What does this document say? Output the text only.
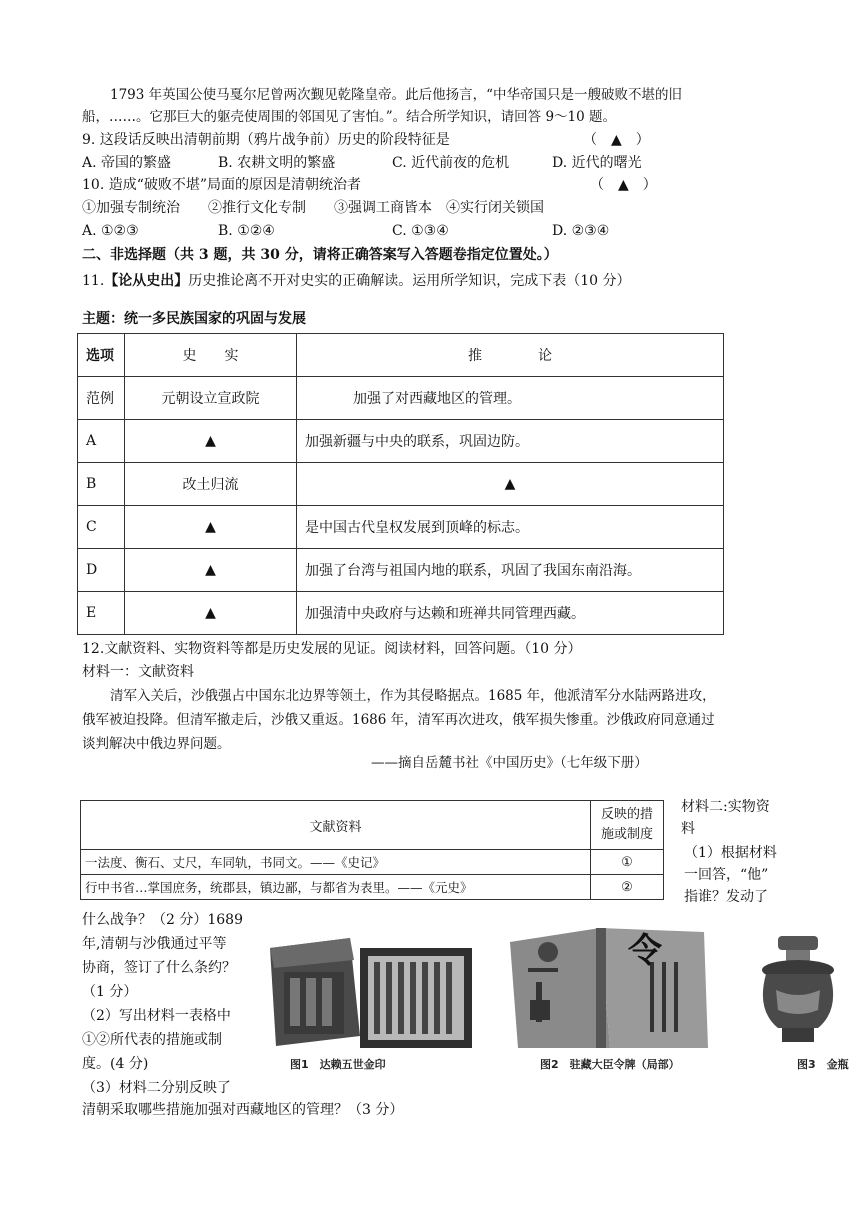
1793 年英国公使马戛尔尼曾两次觐见乾隆皇帝。此后他扬言，“中华帝国只是一艘破败不堪的旧
船，……。它那巨大的躯壳使周围的邻国见了害怕。”。结合所学知识，请回答 9～10 题。
9. 这段话反映出清朝前期（鸦片战争前）历史的阶段特征是	（　▲　）
A. 帝国的繁盛	B. 农耕文明的繁盛	C. 近代前夜的危机	D. 近代的曙光
10. 造成“破败不堪”局面的原因是清朝统治者	（　▲　）
①加强专制统治　　②推行文化专制　　③强调工商皆本　④实行闭关锁国
A. ①②③	B. ①②④	C. ①③④	D. ②③④
二、非选择题（共 3 题，共 30 分，请将正确答案写入答题卷指定位置处。）
11.【论从史出】历史推论离不开对史实的正确解读。运用所学知识，完成下表（10 分）
主题：统一多民族国家的巩固与发展
选项	史　　实	推　　　　论
范例	元朝设立宣政院	加强了对西藏地区的管理。
A	▲	加强新疆与中央的联系，巩固边防。
B	改土归流	▲
C	▲	是中国古代皇权发展到顶峰的标志。
D	▲	加强了台湾与祖国内地的联系，巩固了我国东南沿海。
E	▲	加强清中央政府与达赖和班禅共同管理西藏。
12.文献资料、实物资料等都是历史发展的见证。阅读材料，回答问题。（10 分）
材料一：文献资料
清军入关后，沙俄强占中国东北边界等领土，作为其侵略据点。1685 年，他派清军分水陆两路进攻，
俄军被迫投降。但清军撤走后，沙俄又重返。1686 年，清军再次进攻，俄军损失惨重。沙俄政府同意通过
谈判解决中俄边界问题。
——摘自岳麓书社《中国历史》（七年级下册）
文献资料	反映的措施或制度
一法度、衡石、丈尺，车同轨，书同文。——《史记》	①
行中书省…掌国庶务，统郡县，镇边鄙，与都省为表里。——《元史》	②
材料二:实物资
料
（1）根据材料
一回答，“他”
指谁？发动了
什么战争？（2 分）1689
年,清朝与沙俄通过平等
协商，签订了什么条约？
（1 分）
（2）写出材料一表格中
①②所代表的措施或制
度。(4 分)
（3）材料二分别反映了
清朝采取哪些措施加强对西藏地区的管理？（3 分）
图1　达赖五世金印
令
图2　驻藏大臣令牌（局部）	图3　金瓶
